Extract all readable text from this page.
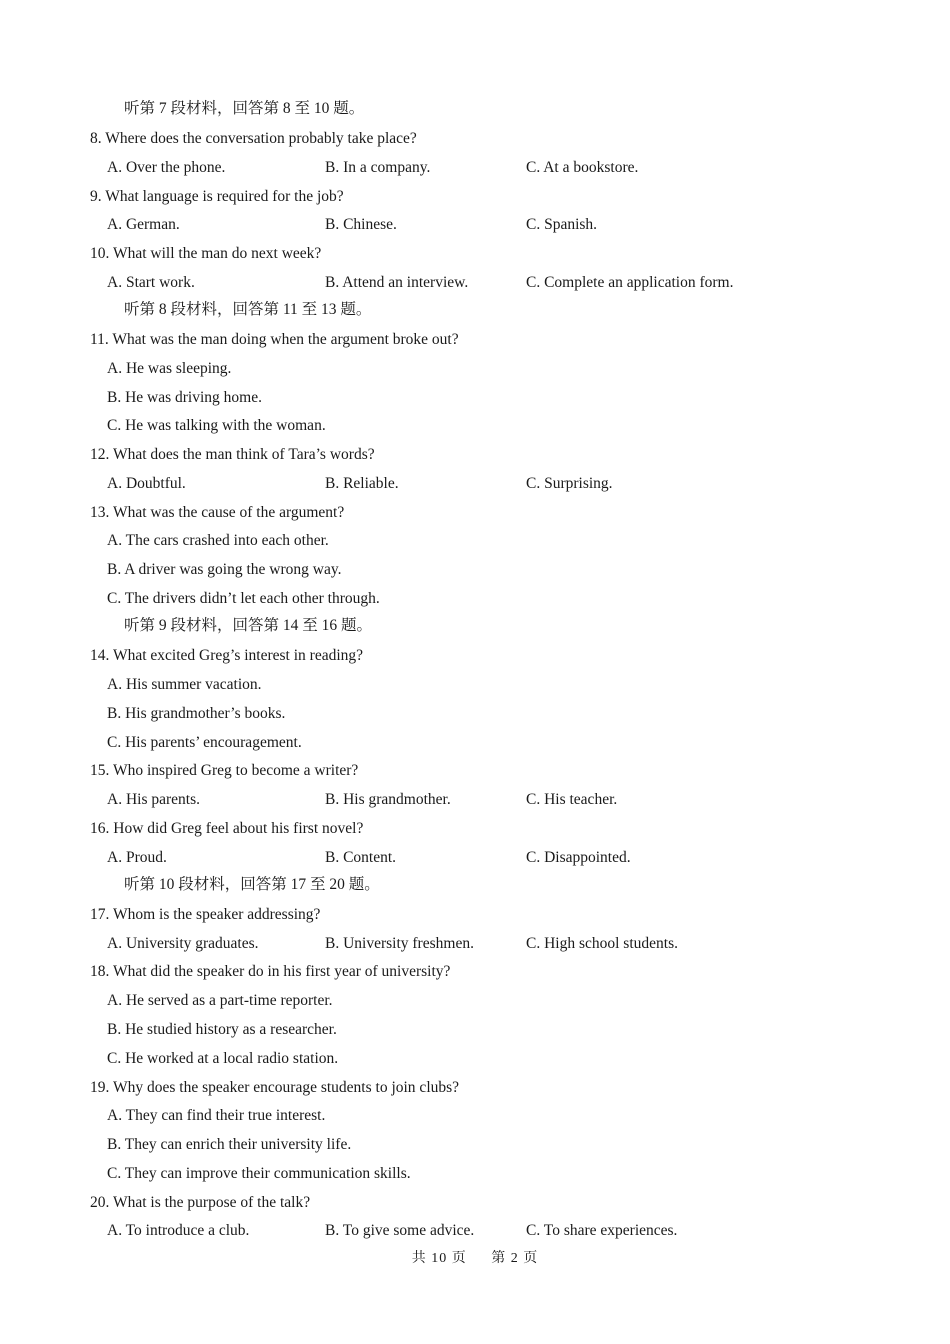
听第 7 段材料，回答第 8 至 10 题。
8. Where does the conversation probably take place?
A. Over the phone.	B. In a company.	C. At a bookstore.
9. What language is required for the job?
A. German.	B. Chinese.	C. Spanish.
10. What will the man do next week?
A. Start work.	B. Attend an interview.	C. Complete an application form.
听第 8 段材料，回答第 11 至 13 题。
11. What was the man doing when the argument broke out?
A. He was sleeping.
B. He was driving home.
C. He was talking with the woman.
12. What does the man think of Tara’s words?
A. Doubtful.	B. Reliable.	C. Surprising.
13. What was the cause of the argument?
A. The cars crashed into each other.
B. A driver was going the wrong way.
C. The drivers didn’t let each other through.
听第 9 段材料，回答第 14 至 16 题。
14. What excited Greg’s interest in reading?
A. His summer vacation.
B. His grandmother’s books.
C. His parents’ encouragement.
15. Who inspired Greg to become a writer?
A. His parents.	B. His grandmother.	C. His teacher.
16. How did Greg feel about his first novel?
A. Proud.	B. Content.	C. Disappointed.
听第 10 段材料，回答第 17 至 20 题。
17. Whom is the speaker addressing?
A. University graduates.	B. University freshmen.	C. High school students.
18. What did the speaker do in his first year of university?
A. He served as a part-time reporter.
B. He studied history as a researcher.
C. He worked at a local radio station.
19. Why does the speaker encourage students to join clubs?
A. They can find their true interest.
B. They can enrich their university life.
C. They can improve their communication skills.
20. What is the purpose of the talk?
A. To introduce a club.	B. To give some advice.	C. To share experiences.
共 10 页 第 2 页
